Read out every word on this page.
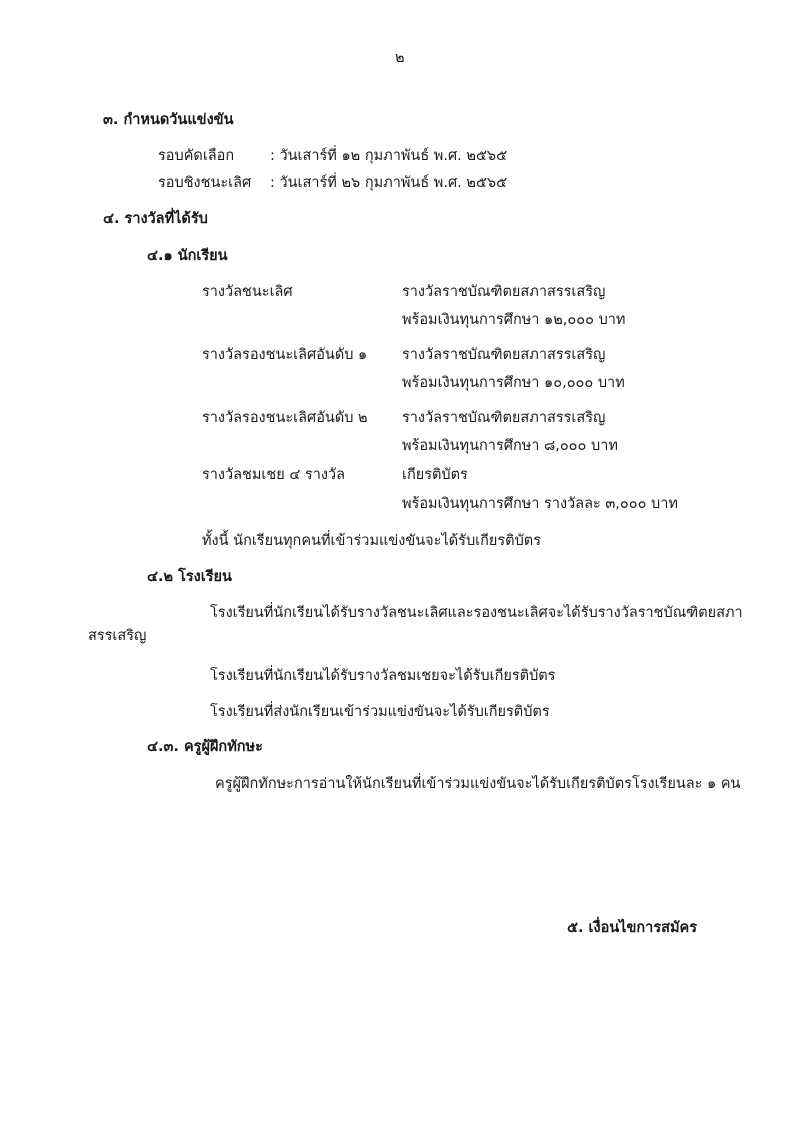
๒
๓. กำหนดวันแข่งขัน
รอบคัดเลือก : วันเสาร์ที่ ๑๒ กุมภาพันธ์ พ.ศ. ๒๕๖๕
รอบชิงชนะเลิศ : วันเสาร์ที่ ๒๖ กุมภาพันธ์ พ.ศ. ๒๕๖๕
๔. รางวัลที่ได้รับ
๔.๑ นักเรียน
รางวัลชนะเลิศ	รางวัลราชบัณฑิตยสภาสรรเสริญ
พร้อมเงินทุนการศึกษา ๑๒,๐๐๐ บาท
รางวัลรองชนะเลิศอันดับ ๑ รางวัลราชบัณฑิตยสภาสรรเสริญ
พร้อมเงินทุนการศึกษา ๑๐,๐๐๐ บาท
รางวัลรองชนะเลิศอันดับ ๒ รางวัลราชบัณฑิตยสภาสรรเสริญ
พร้อมเงินทุนการศึกษา ๘,๐๐๐ บาท
รางวัลชมเชย ๔ รางวัล	เกียรติบัตร
พร้อมเงินทุนการศึกษา รางวัลละ ๓,๐๐๐ บาท
ทั้งนี้ นักเรียนทุกคนที่เข้าร่วมแข่งขันจะได้รับเกียรติบัตร
๔.๒ โรงเรียน
โรงเรียนที่นักเรียนได้รับรางวัลชนะเลิศและรองชนะเลิศจะได้รับรางวัลราชบัณฑิตยสภา
สรรเสริญ
โรงเรียนที่นักเรียนได้รับรางวัลชมเชยจะได้รับเกียรติบัตร
โรงเรียนที่ส่งนักเรียนเข้าร่วมแข่งขันจะได้รับเกียรติบัตร
๔.๓. ครูผู้ฝึกทักษะ
ครูผู้ฝึกทักษะการอ่านให้นักเรียนที่เข้าร่วมแข่งขันจะได้รับเกียรติบัตรโรงเรียนละ ๑ คน
๕. เงื่อนไขการสมัคร
